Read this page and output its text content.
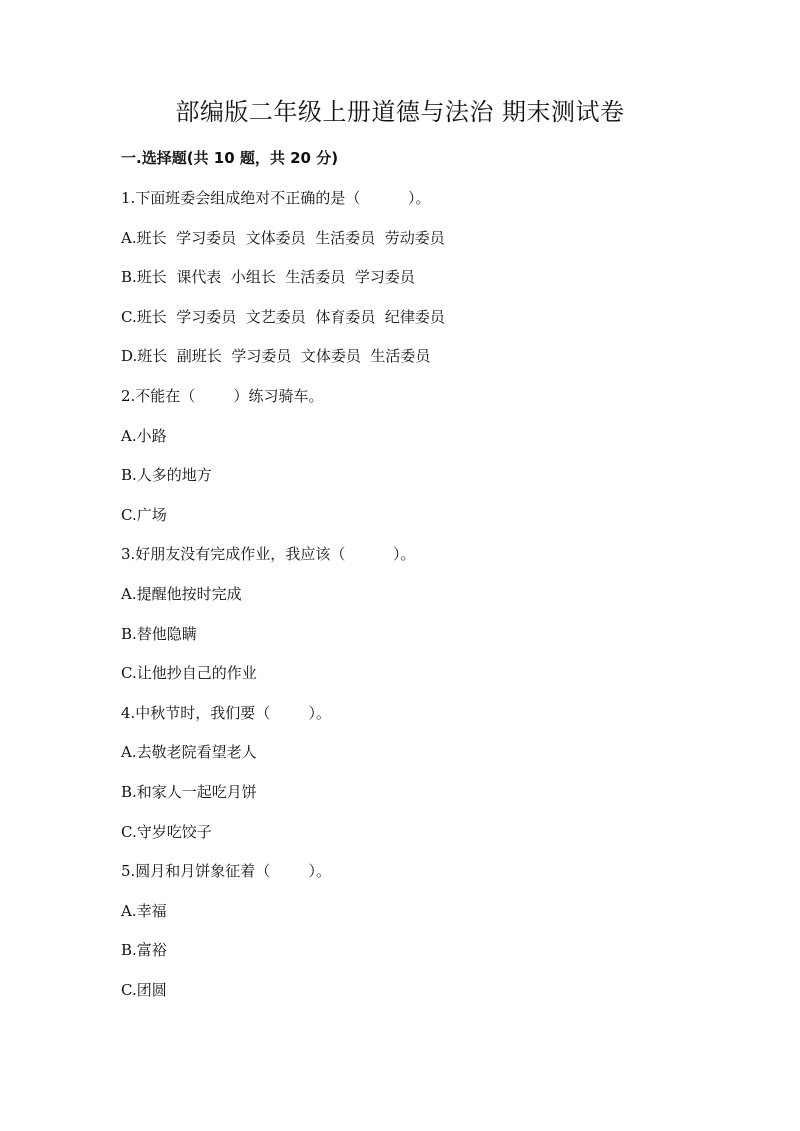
部编版二年级上册道德与法治 期末测试卷
一.选择题(共 10 题，共 20 分)
1.下面班委会组成绝对不正确的是（          ）。
A.班长  学习委员  文体委员  生活委员  劳动委员
B.班长  课代表  小组长  生活委员  学习委员
C.班长  学习委员  文艺委员  体育委员  纪律委员
D.班长  副班长  学习委员  文体委员  生活委员
2.不能在（        ）练习骑车。
A.小路
B.人多的地方
C.广场
3.好朋友没有完成作业，我应该（          ）。
A.提醒他按时完成
B.替他隐瞒
C.让他抄自己的作业
4.中秋节时，我们要（        ）。
A.去敬老院看望老人
B.和家人一起吃月饼
C.守岁吃饺子
5.圆月和月饼象征着（        ）。
A.幸福
B.富裕
C.团圆
